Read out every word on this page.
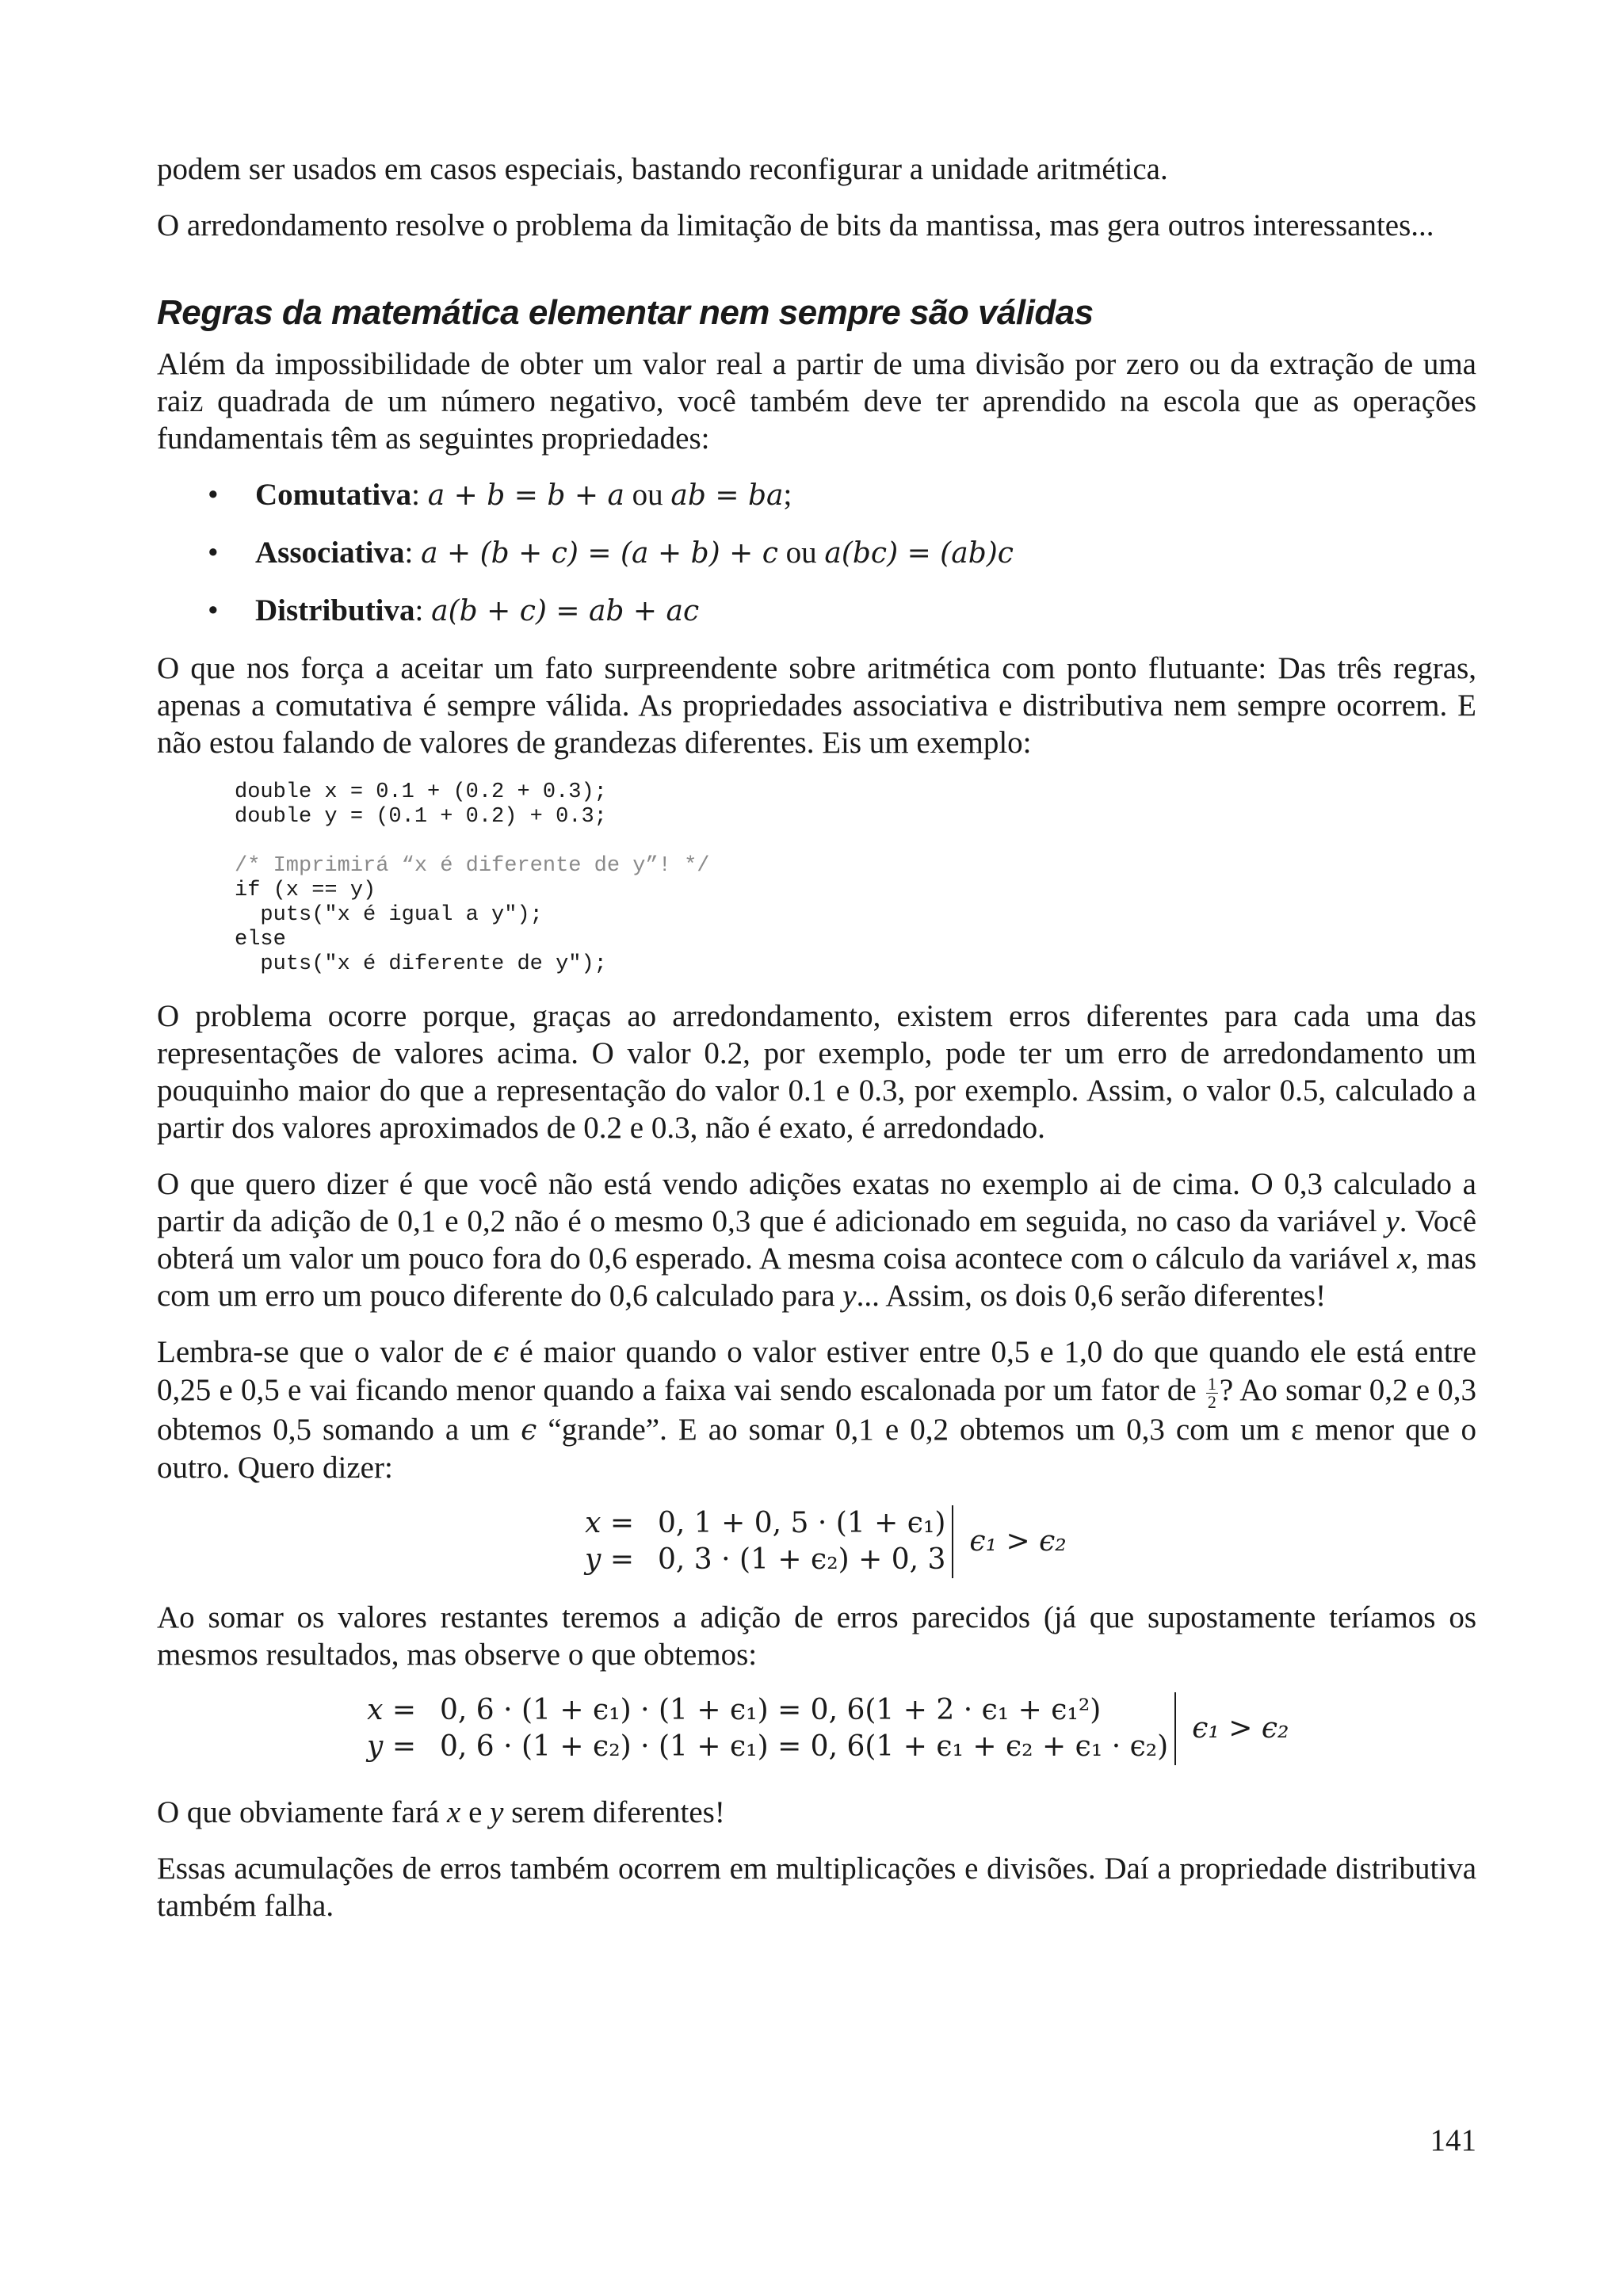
podem ser usados em casos especiais, bastando reconfigurar a unidade aritmética.

O arredondamento resolve o problema da limitação de bits da mantissa, mas gera outros interessantes...

Regras da matemática elementar nem sempre são válidas

Além da impossibilidade de obter um valor real a partir de uma divisão por zero ou da extração de uma raiz quadrada de um número negativo, você também deve ter aprendido na escola que as operações fundamentais têm as seguintes propriedades:

• Comutativa: a + b = b + a ou ab = ba;
• Associativa: a + (b + c) = (a + b) + c ou a(bc) = (ab)c
• Distributiva: a(b + c) = ab + ac

O que nos força a aceitar um fato surpreendente sobre aritmética com ponto flutuante: Das três regras, apenas a comutativa é sempre válida. As propriedades associativa e distributiva nem sempre ocorrem. E não estou falando de valores de grandezas diferentes. Eis um exemplo:

double x = 0.1 + (0.2 + 0.3);
double y = (0.1 + 0.2) + 0.3;

/* Imprimirá “x é diferente de y”! */
if (x == y)
puts("x é igual a y");
else
puts("x é diferente de y");

O problema ocorre porque, graças ao arredondamento, existem erros diferentes para cada uma das representações de valores acima. O valor 0.2, por exemplo, pode ter um erro de arredondamento um pouquinho maior do que a representação do valor 0.1 e 0.3, por exemplo. Assim, o valor 0.5, calculado a partir dos valores aproximados de 0.2 e 0.3, não é exato, é arredondado.

O que quero dizer é que você não está vendo adições exatas no exemplo ai de cima. O 0,3 calculado a partir da adição de 0,1 e 0,2 não é o mesmo 0,3 que é adicionado em seguida, no caso da variável y. Você obterá um valor um pouco fora do 0,6 esperado. A mesma coisa acontece com o cálculo da variável x, mas com um erro um pouco diferente do 0,6 calculado para y... Assim, os dois 0,6 serão diferentes!

Lembra-se que o valor de ϵ é maior quando o valor estiver entre 0,5 e 1,0 do que quando ele está entre 0,25 e 0,5 e vai ficando menor quando a faixa vai sendo escalonada por um fator de $\frac{1}{2}$ ? Ao somar 0,2 e 0,3 obtemos 0,5 somando a um ϵ “grande”. E ao somar 0,1 e 0,2 obtemos um 0,3 com um ε menor que o outro. Quero dizer:

x = 0, 1 + 0, 5 · (1 + ϵ₁)
y = 0, 3 · (1 + ϵ₂) + 0, 3
ϵ₁ > ϵ₂

Ao somar os valores restantes teremos a adição de erros parecidos (já que supostamente teríamos os mesmos resultados, mas observe o que obtemos:

x = 0, 6 · (1 + ϵ₁) · (1 + ϵ₁) = 0, 6(1 + 2 · ϵ₁ + ϵ₁²)
y = 0, 6 · (1 + ϵ₂) · (1 + ϵ₁) = 0, 6(1 + ϵ₁ + ϵ₂ + ϵ₁ · ϵ₂)
ϵ₁ > ϵ₂

O que obviamente fará x e y serem diferentes!

Essas acumulações de erros também ocorrem em multiplicações e divisões. Daí a propriedade distributiva também falha.

141
